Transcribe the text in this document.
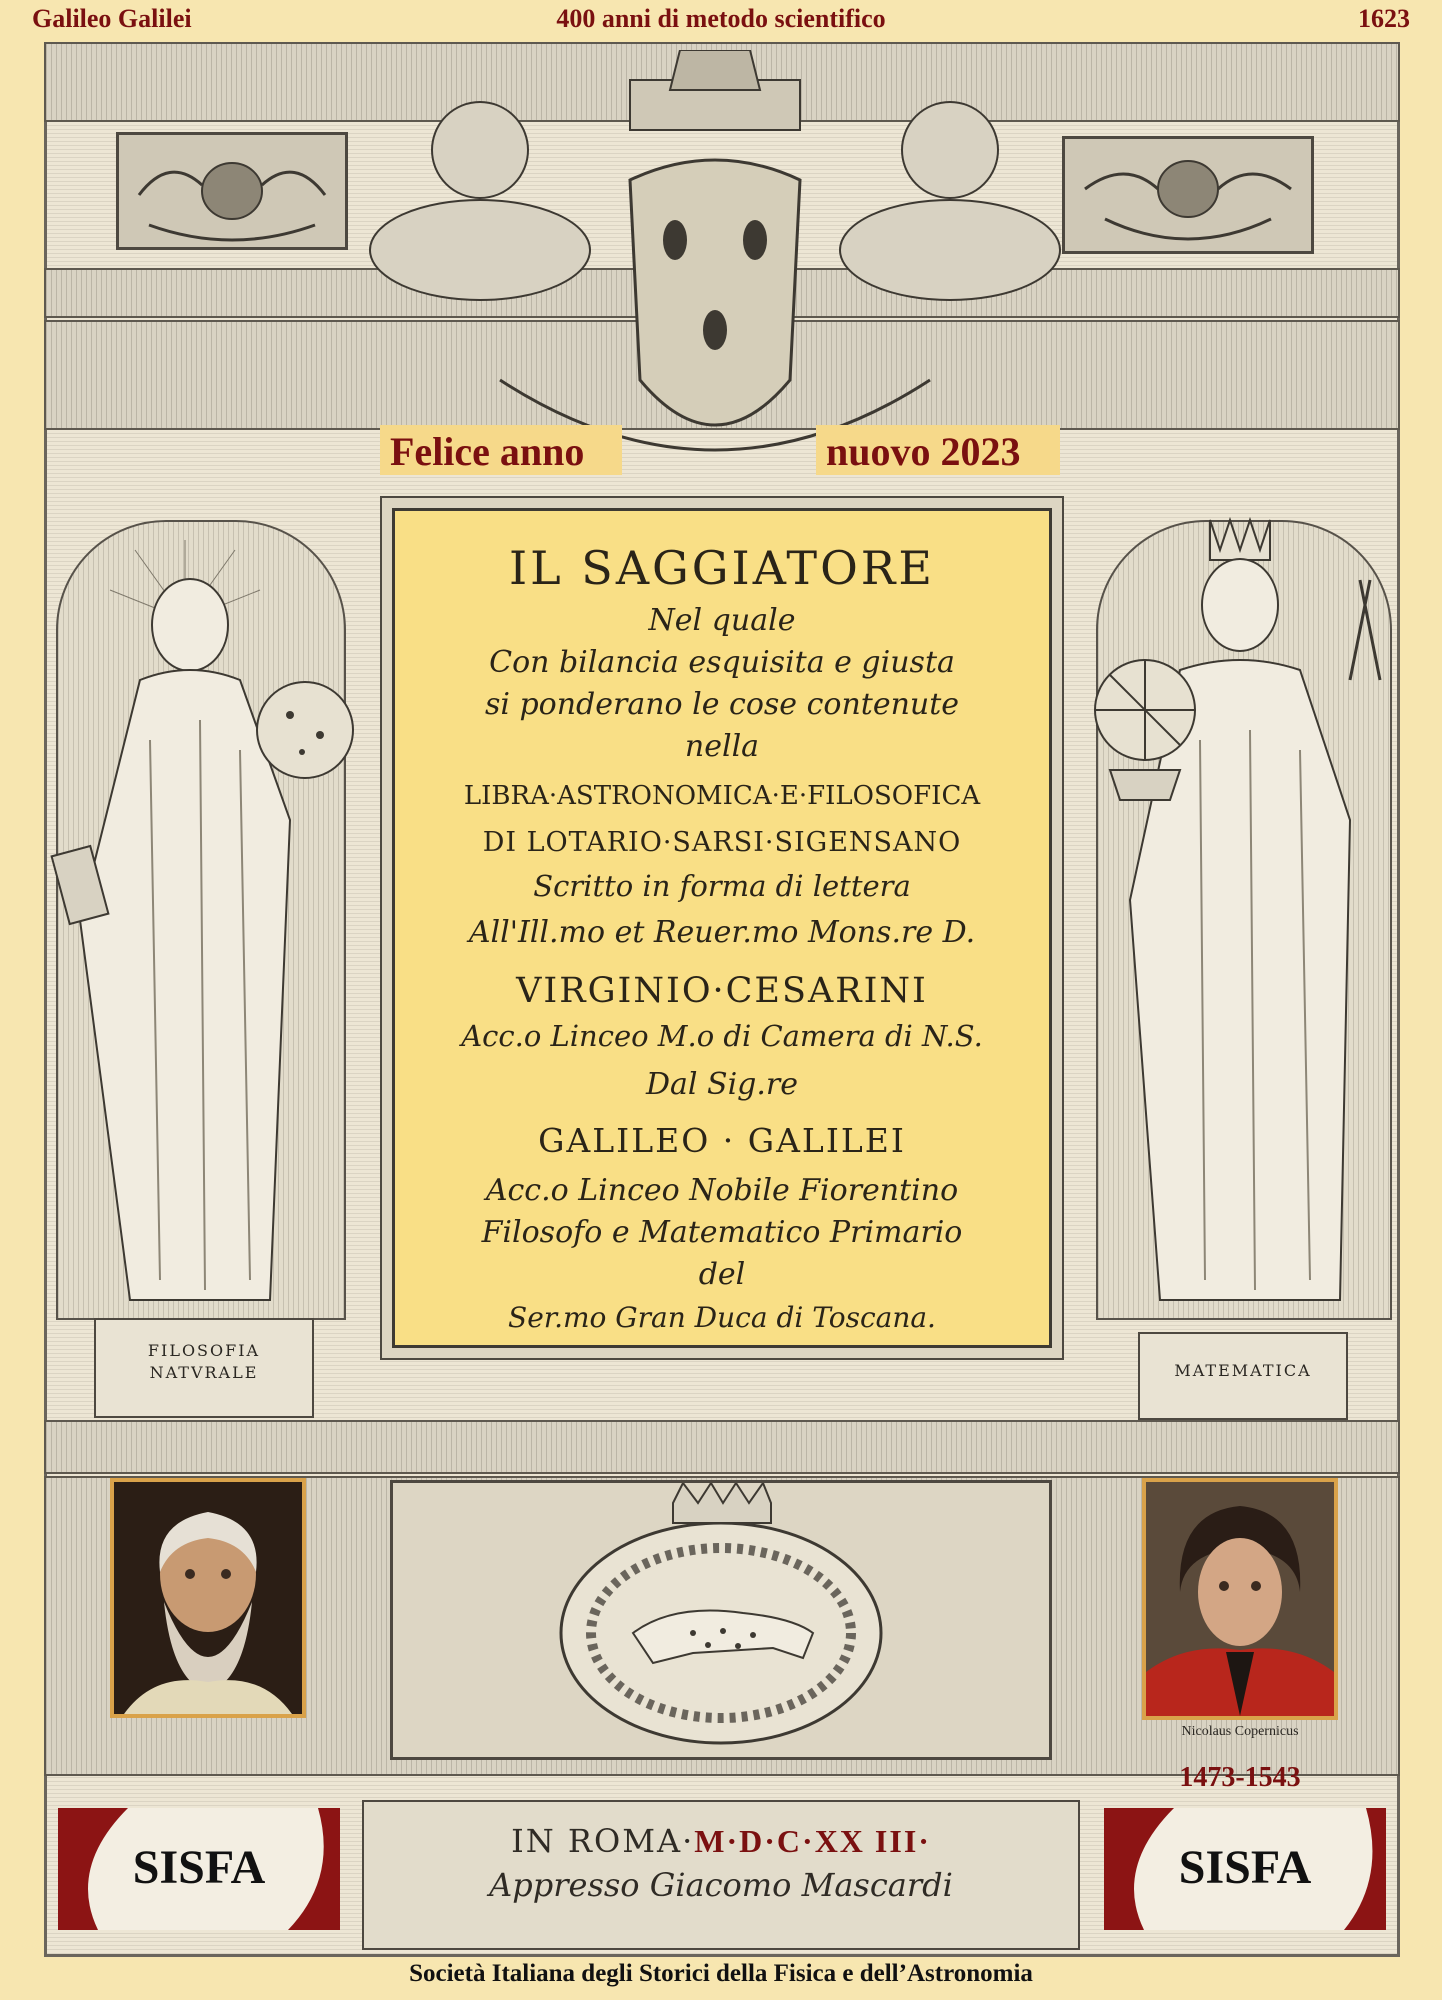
Galileo Galilei	400 anni di metodo scientifico	1623
Felice anno	nuovo 2023
FILOSOFIA
NATVRALE	MATEMATICA
IL SAGGIATORE
Nel quale
Con bilancia esquisita e giusta
si ponderano le cose contenute
nella
LIBRA·ASTRONOMICA·E·FILOSOFICA
DI LOTARIO·SARSI·SIGENSANO
Scritto in forma di lettera
All'Ill.mo et Reuer.mo Mons.re D.
VIRGINIO·CESARINI
Acc.o Linceo M.o di Camera di N.S.
Dal Sig.re
GALILEO · GALILEI
Acc.o Linceo Nobile Fiorentino
Filosofo e Matematico Primario
del
Ser.mo Gran Duca di Toscana.
Nicolaus Copernicus
1473-1543
IN ROMA·M·D·C·XX III·
Appresso Giacomo Mascardi
SISFA	SISFA
Società Italiana degli Storici della Fisica e dell’Astronomia
